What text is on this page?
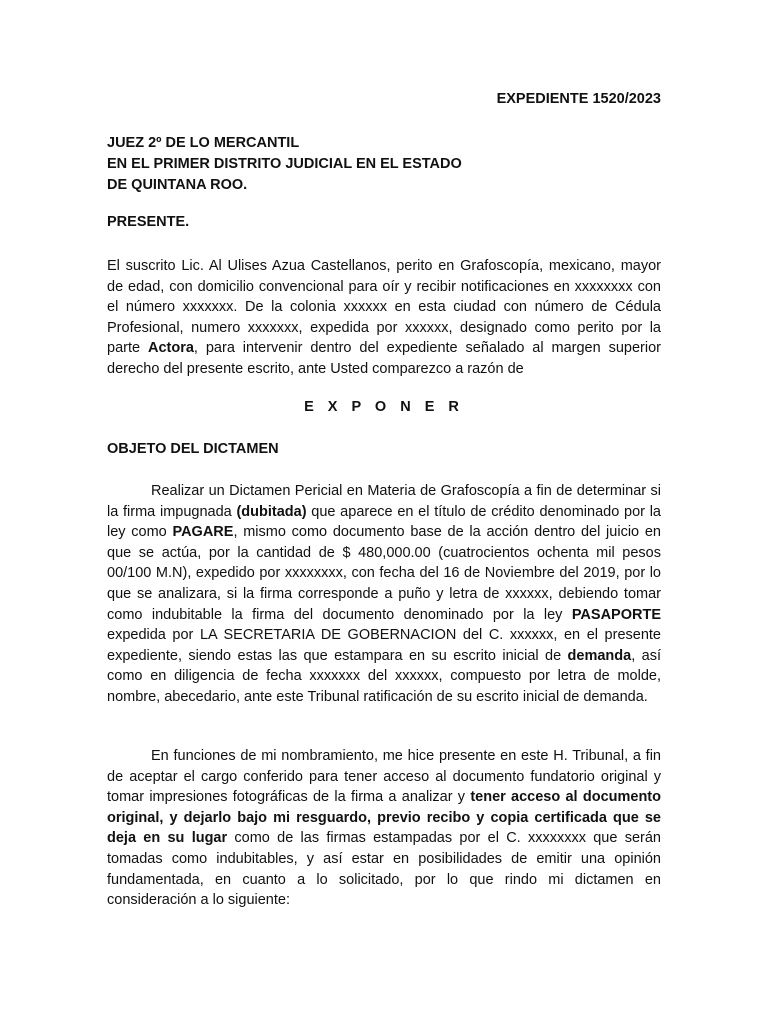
EXPEDIENTE 1520/2023
JUEZ 2º DE LO MERCANTIL
EN EL PRIMER DISTRITO JUDICIAL EN EL ESTADO
DE QUINTANA ROO.
PRESENTE.
El suscrito Lic. Al Ulises Azua Castellanos, perito en Grafoscopía, mexicano, mayor de edad, con domicilio convencional para oír y recibir notificaciones en xxxxxxxx con el número xxxxxxx. De la colonia xxxxxx en esta ciudad con número de Cédula Profesional, numero xxxxxxx, expedida por xxxxxx, designado como perito por la parte Actora, para intervenir dentro del expediente señalado al margen superior derecho del presente escrito, ante Usted comparezco a razón de
E X P O N E R
OBJETO DEL DICTAMEN
Realizar un Dictamen Pericial en Materia de Grafoscopía a fin de determinar si la firma impugnada (dubitada) que aparece en el título de crédito denominado por la ley como PAGARE, mismo como documento base de la acción dentro del juicio en que se actúa, por la cantidad de $ 480,000.00 (cuatrocientos ochenta mil pesos 00/100 M.N), expedido por xxxxxxxx, con fecha del 16 de Noviembre del 2019, por lo que se analizara, si la firma corresponde a puño y letra de xxxxxx, debiendo tomar como indubitable la firma del documento denominado por la ley PASAPORTE expedida por LA SECRETARIA DE GOBERNACION del C. xxxxxx, en el presente expediente, siendo estas las que estampara en su escrito inicial de demanda, así como en diligencia de fecha xxxxxxx del xxxxxx, compuesto por letra de molde, nombre, abecedario, ante este Tribunal ratificación de su escrito inicial de demanda.
En funciones de mi nombramiento, me hice presente en este H. Tribunal, a fin de aceptar el cargo conferido para tener acceso al documento fundatorio original y tomar impresiones fotográficas de la firma a analizar y tener acceso al documento original, y dejarlo bajo mi resguardo, previo recibo y copia certificada que se deja en su lugar como de las firmas estampadas por el C. xxxxxxxx que serán tomadas como indubitables, y así estar en posibilidades de emitir una opinión fundamentada, en cuanto a lo solicitado, por lo que rindo mi dictamen en consideración a lo siguiente:
